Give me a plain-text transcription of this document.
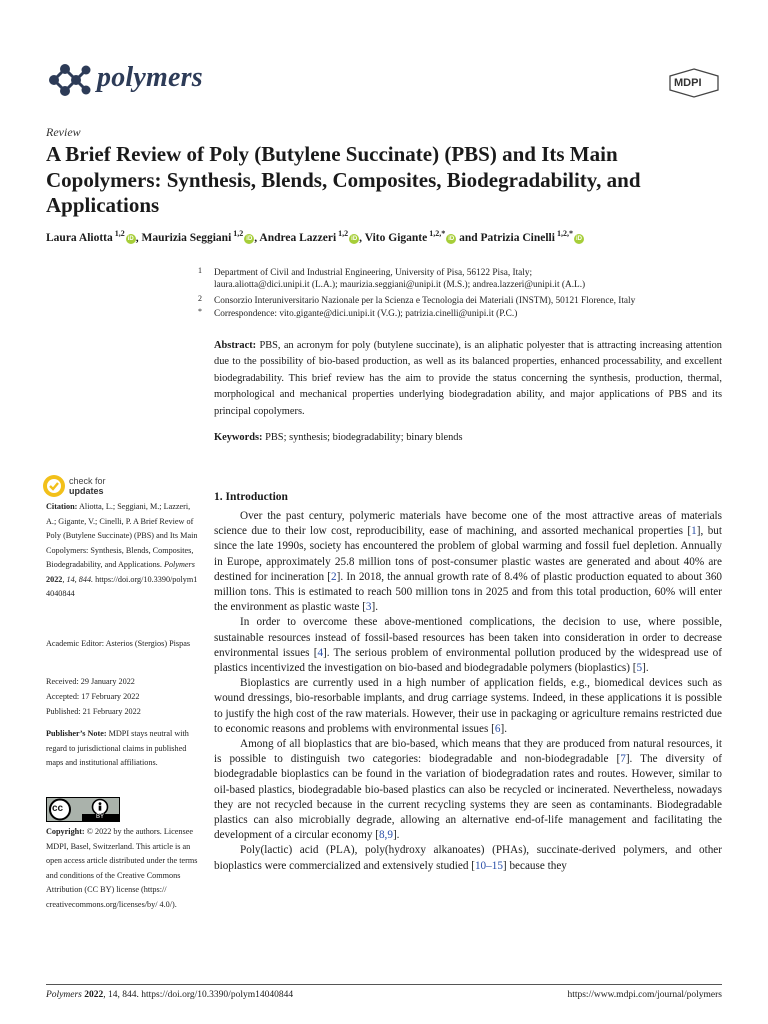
polymers	MDPI
Review
A Brief Review of Poly (Butylene Succinate) (PBS) and Its Main Copolymers: Synthesis, Blends, Composites, Biodegradability, and Applications
Laura Aliotta $^{1,2}$iD , Maurizia Seggiani $^{1,2}$iD , Andrea Lazzeri $^{1,2}$iD , Vito Gigante $^{1,2,*}$iD and Patrizia Cinelli $^{1,2,*}$iD
1 Department of Civil and Industrial Engineering, University of Pisa, 56122 Pisa, Italy;
laura.aliotta@dici.unipi.it (L.A.); maurizia.seggiani@unipi.it (M.S.); andrea.lazzeri@unipi.it (A.L.)
2 Consorzio Interuniversitario Nazionale per la Scienza e Tecnologia dei Materiali (INSTM), 50121 Florence, Italy
* Correspondence: vito.gigante@dici.unipi.it (V.G.); patrizia.cinelli@unipi.it (P.C.)
Abstract: PBS, an acronym for poly (butylene succinate), is an aliphatic polyester that is attracting increasing attention due to the possibility of bio-based production, as well as its balanced properties, enhanced processability, and excellent biodegradability. This brief review has the aim to provide the status concerning the synthesis, production, thermal, morphological and mechanical properties underlying biodegradation ability, and major applications of PBS and its principal copolymers.
Keywords: PBS; synthesis; biodegradability; binary blends
check for
updates
Citation: Aliotta, L.; Seggiani, M.; Lazzeri, A.; Gigante, V.; Cinelli, P. A Brief Review of Poly (Butylene Succinate) (PBS) and Its Main Copolymers: Synthesis, Blends, Composites, Biodegradability, and Applications. Polymers 2022, 14, 844. https://doi.org/10.3390/polym14040844
Academic Editor: Asterios (Stergios) Pispas
Received: 29 January 2022
Accepted: 17 February 2022
Published: 21 February 2022
Publisher’s Note: MDPI stays neutral with regard to jurisdictional claims in published maps and institutional affiliations.
cc
BY
Copyright: © 2022 by the authors. Licensee MDPI, Basel, Switzerland. This article is an open access article distributed under the terms and conditions of the Creative Commons Attribution (CC BY) license (https:// creativecommons.org/licenses/by/ 4.0/).
1. Introduction

Over the past century, polymeric materials have become one of the most attractive areas of materials science due to their low cost, reproducibility, ease of machining, and assorted mechanical properties [1], but since the late 1990s, society has encountered the problem of global warming and fossil fuel depletion. Annually in Europe, approximately 25.8 million tons of post-consumer plastic wastes are generated and about 40% are destined for incineration [2]. In 2018, the annual growth rate of 8.4% of plastic production equated to about 360 million tons. This is estimated to reach 500 million tons in 2025 and from this total production, 60% will enter the environment as plastic waste [3].

In order to overcome these above-mentioned complications, the decision to use, where possible, sustainable resources instead of fossil-based resources has been taken into consideration in order to decrease environmental issues [4]. The serious problem of environmental pollution produced by the widespread use of plastics incentivized the investigation on bio-based and biodegradable polymers (bioplastics) [5].

Bioplastics are currently used in a high number of application fields, e.g., biomedical devices such as wound dressings, bio-resorbable implants, and drug carriage systems. Indeed, in these applications it is possible to justify the high cost of the raw materials. However, their use in packaging or agriculture remains restricted due to economic reasons and problems with environmental issues [6].

Among of all bioplastics that are bio-based, which means that they are produced from natural resources, it is possible to distinguish two categories: biodegradable and non-biodegradable [7]. The diversity of biodegradable bioplastics can be found in the variation of biodegradation rates and routes. However, similar to oil-based plastics, biodegradable bio-based plastics can also be recycled or incinerated. Nevertheless, nowadays they are not recycled because in the current recycling systems they are seen as contaminants. Biodegradable plastics can also microbially degrade, allowing an alternative end-of-life management and facilitating the development of a circular economy [8,9].

Poly(lactic) acid (PLA), poly(hydroxy alkanoates) (PHAs), succinate-derived polymers, and other bioplastics were commercialized and extensively studied [10–15] because they

Polymers 2022, 14, 844. https://doi.org/10.3390/polym14040844	https://www.mdpi.com/journal/polymers
